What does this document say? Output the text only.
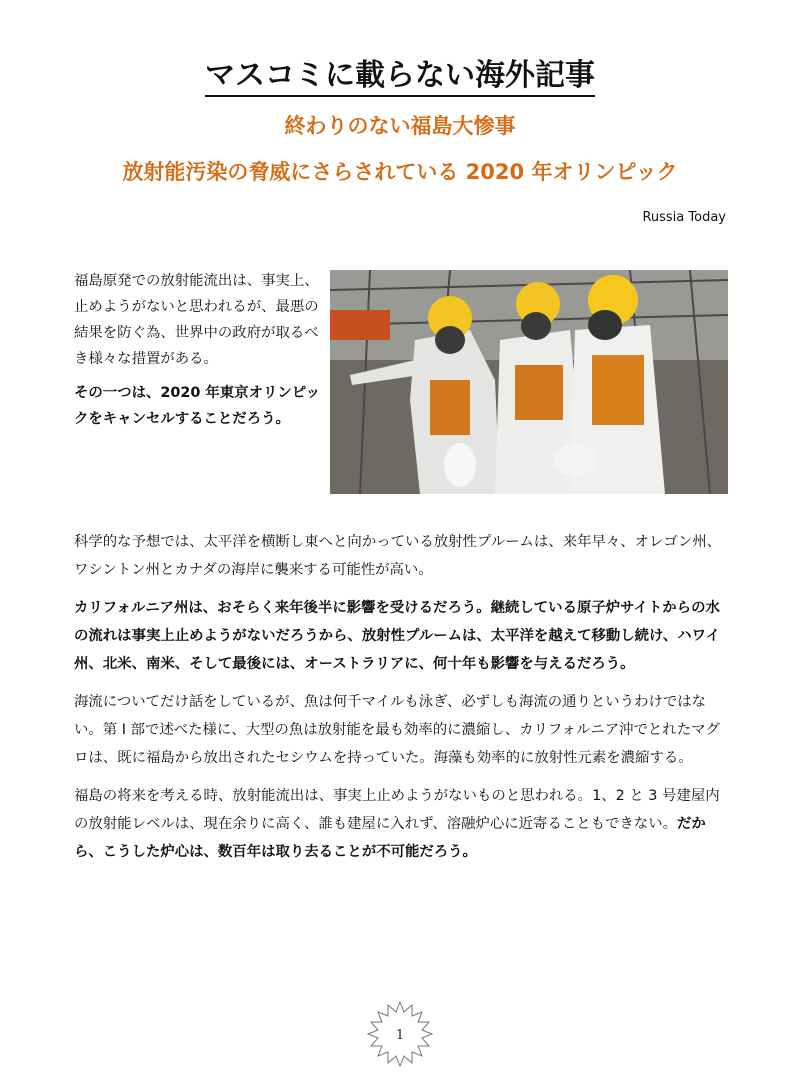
マスコミに載らない海外記事
終わりのない福島大惨事
放射能汚染の脅威にさらされている 2020 年オリンピック
Russia Today

福島原発での放射能流出は、事実上、止めようがないと思われるが、最悪の結果を防ぐ為、世界中の政府が取るべき様々な措置がある。

その一つは、2020 年東京オリンピックをキャンセルすることだろう。

科学的な予想では、太平洋を横断し東へと向かっている放射性プルームは、来年早々、オレゴン州、ワシントン州とカナダの海岸に襲来する可能性が高い。

カリフォルニア州は、おそらく来年後半に影響を受けるだろう。継続している原子炉サイトからの水の流れは事実上止めようがないだろうから、放射性プルームは、太平洋を越えて移動し続け、ハワイ州、北米、南米、そして最後には、オーストラリアに、何十年も影響を与えるだろう。

海流についてだけ話をしているが、魚は何千マイルも泳ぎ、必ずしも海流の通りというわけではない。第 I 部で述べた様に、大型の魚は放射能を最も効率的に濃縮し、カリフォルニア沖でとれたマグロは、既に福島から放出されたセシウムを持っていた。海藻も効率的に放射性元素を濃縮する。

福島の将来を考える時、放射能流出は、事実上止めようがないものと思われる。1、2 と 3 号建屋内の放射能レベルは、現在余りに高く、誰も建屋に入れず、溶融炉心に近寄ることもできない。だから、こうした炉心は、数百年は取り去ることが不可能だろう。

1
